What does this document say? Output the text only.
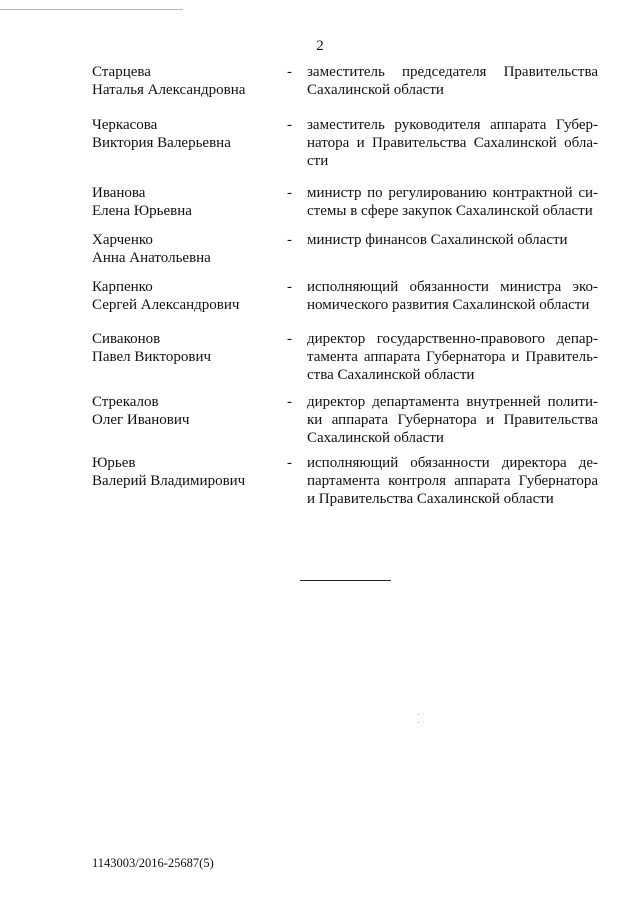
2
Старцева
Наталья Александровна
-	заместитель председателя Правительства
Сахалинской области
Черкасова
Виктория Валерьевна
-	заместитель руководителя аппарата Губер-
натора и Правительства Сахалинской обла-
сти
Иванова
Елена Юрьевна
-	министр по регулированию контрактной си-
стемы в сфере закупок Сахалинской области
Харченко
Анна Анатольевна
-	министр финансов Сахалинской области
Карпенко
Сергей Александрович
-	исполняющий обязанности министра эко-
номического развития Сахалинской области
Сиваконов
Павел Викторович
-	директор государственно-правового депар-
тамента аппарата Губернатора и Правитель-
ства Сахалинской области
Стрекалов
Олег Иванович
-	директор департамента внутренней полити-
ки аппарата Губернатора и Правительства
Сахалинской области
Юрьев
Валерий Владимирович
-	исполняющий обязанности директора де-
партамента контроля аппарата Губернатора
и Правительства Сахалинской области
1143003/2016-25687(5)
